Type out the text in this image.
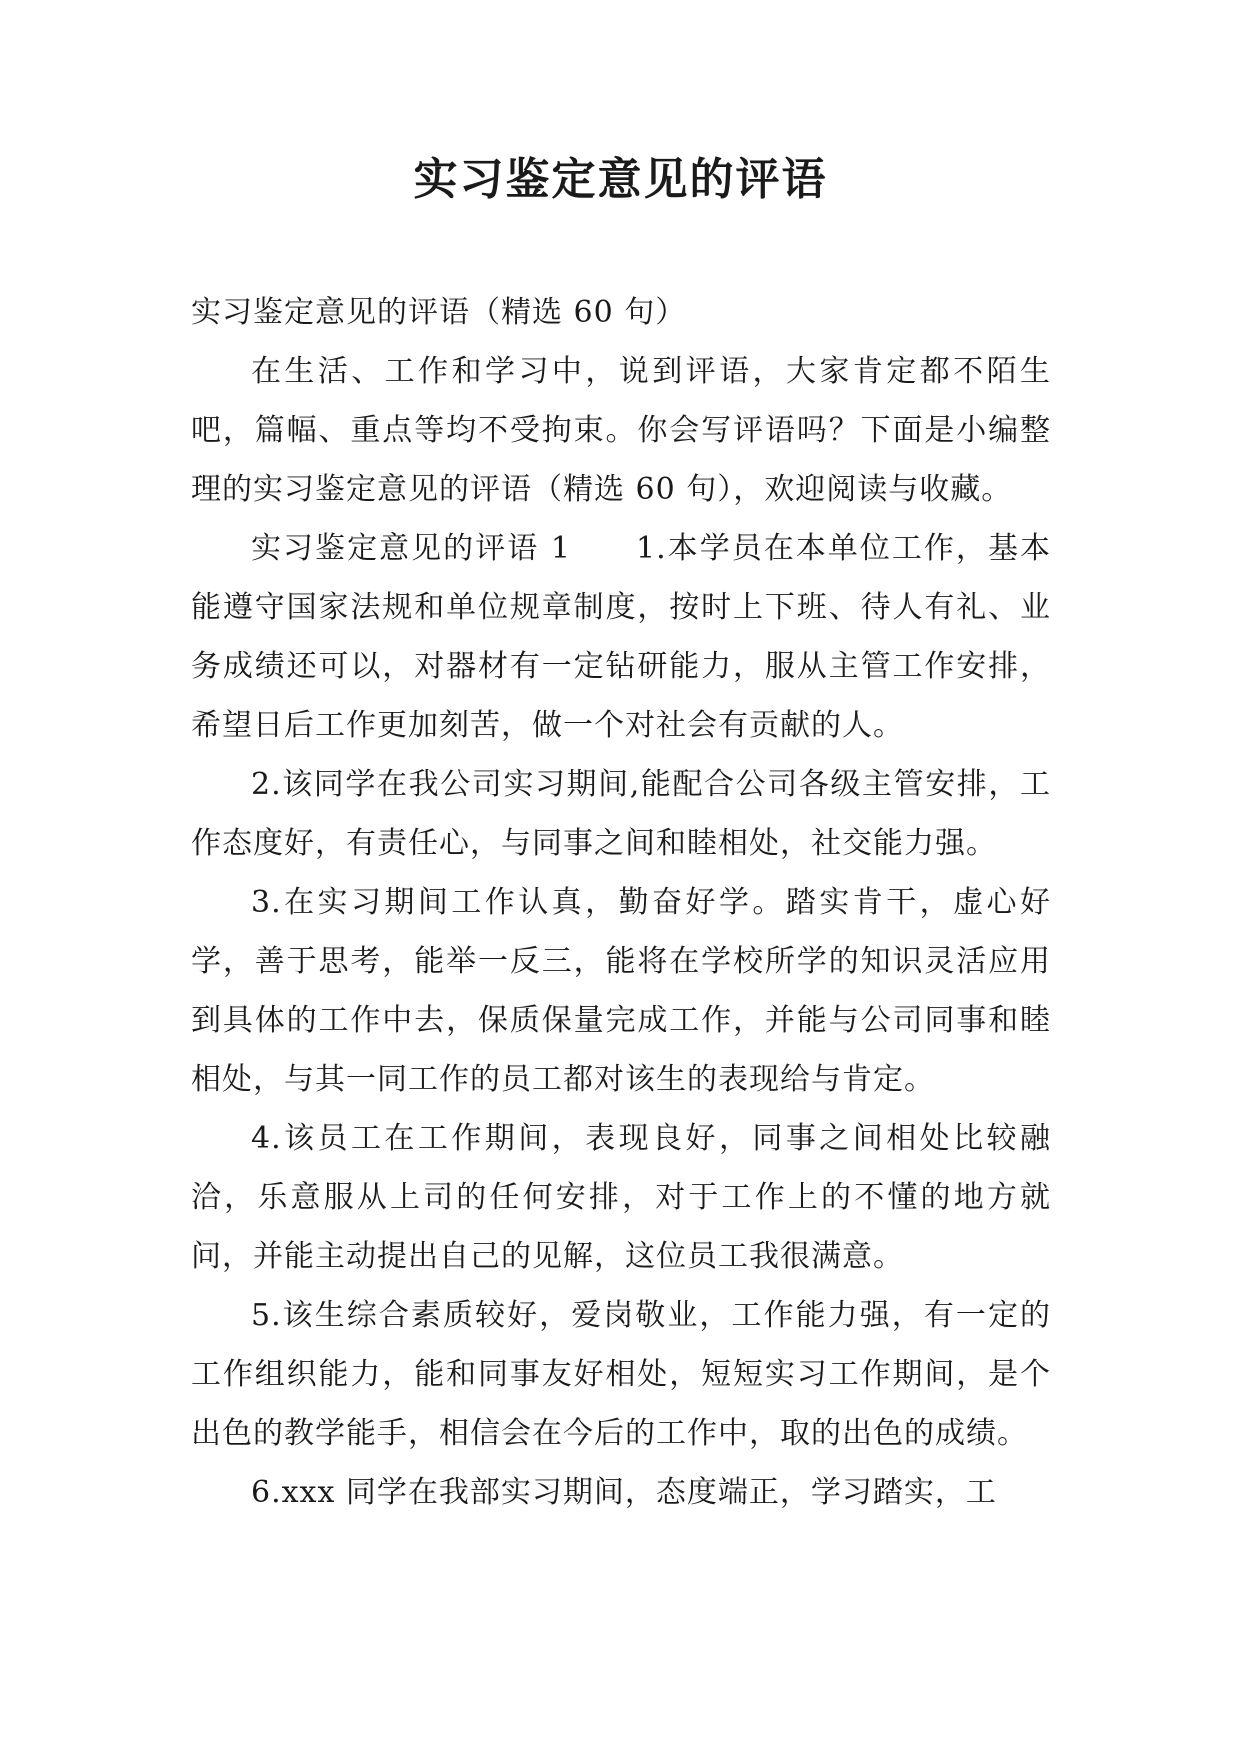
实习鉴定意见的评语

实习鉴定意见的评语（精选 60 句）

在生活、工作和学习中，说到评语，大家肯定都不陌生吧，篇幅、重点等均不受拘束。你会写评语吗？下面是小编整理的实习鉴定意见的评语（精选 60 句），欢迎阅读与收藏。

实习鉴定意见的评语 1　　1.本学员在本单位工作，基本能遵守国家法规和单位规章制度，按时上下班、待人有礼、业务成绩还可以，对器材有一定钻研能力，服从主管工作安排，希望日后工作更加刻苦，做一个对社会有贡献的人。

2.该同学在我公司实习期间,能配合公司各级主管安排，工作态度好，有责任心，与同事之间和睦相处，社交能力强。

3.在实习期间工作认真，勤奋好学。踏实肯干，虚心好学，善于思考，能举一反三，能将在学校所学的知识灵活应用到具体的工作中去，保质保量完成工作，并能与公司同事和睦相处，与其一同工作的员工都对该生的表现给与肯定。

4.该员工在工作期间，表现良好，同事之间相处比较融洽，乐意服从上司的任何安排，对于工作上的不懂的地方就问，并能主动提出自己的见解，这位员工我很满意。

5.该生综合素质较好，爱岗敬业，工作能力强，有一定的工作组织能力，能和同事友好相处，短短实习工作期间，是个出色的教学能手，相信会在今后的工作中，取的出色的成绩。

6.xxx 同学在我部实习期间，态度端正，学习踏实，工
